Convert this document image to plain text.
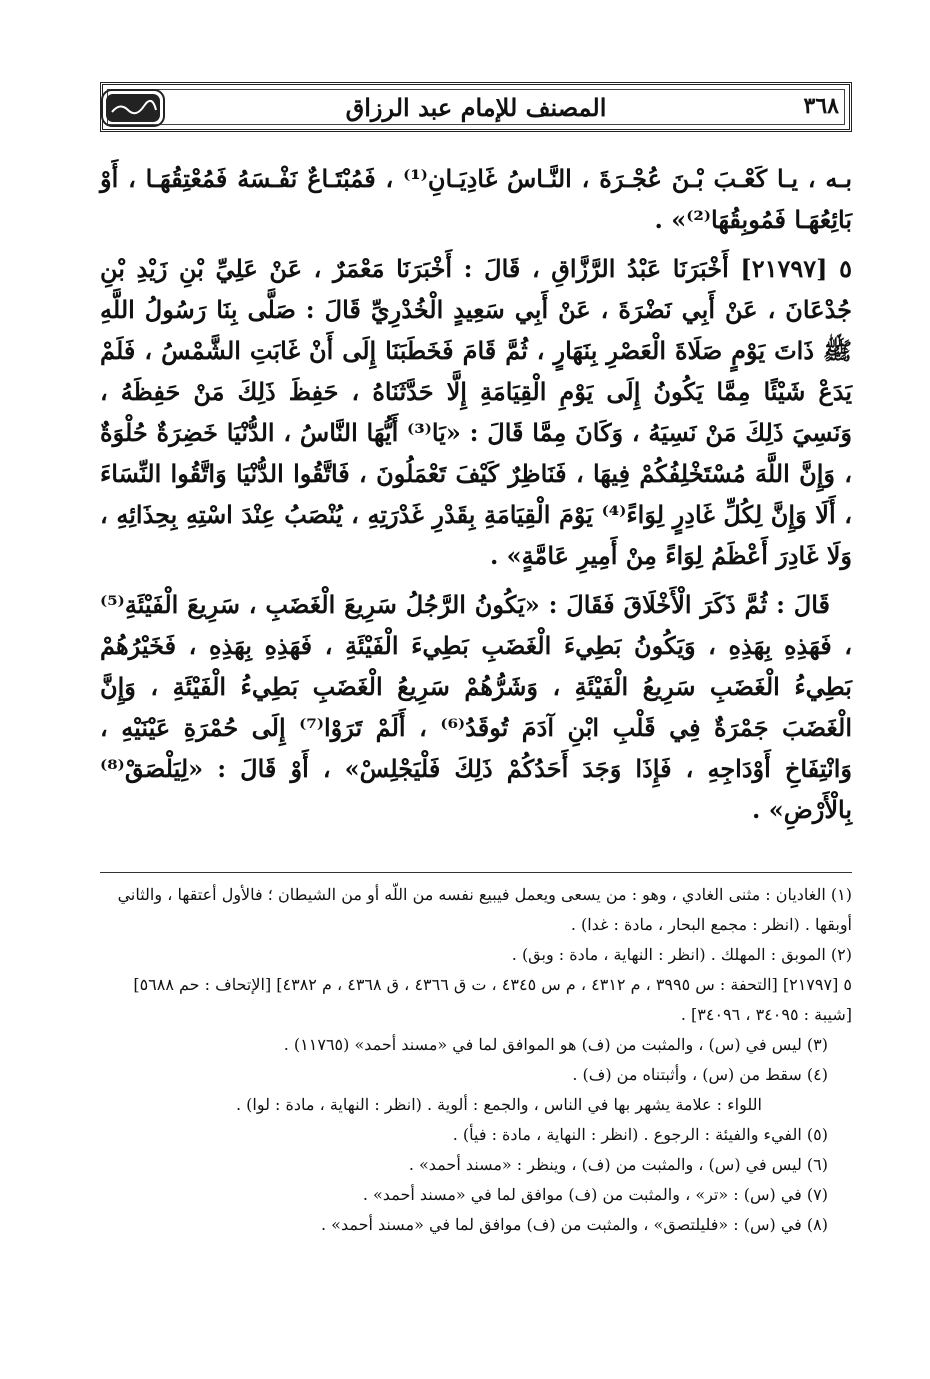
٣٦٨
المصنف للإمام عبد الرزاق

بـه ، يـا كَعْـبَ بْـنَ عُجْـرَةَ ، النَّـاسُ غَادِيَـانِ⁽¹⁾ ، فَمُبْتَـاعٌ نَفْـسَهُ فَمُعْتِقُهَـا ، أَوْ بَائِعُهَـا فَمُوبِقُهَا⁽²⁾» .

٥ [٢١٧٩٧] أَخْبَرَنَا عَبْدُ الرَّزَّاقِ ، قَالَ : أَخْبَرَنَا مَعْمَرٌ ، عَنْ عَلِيِّ بْنِ زَيْدِ بْنِ جُدْعَانَ ، عَنْ أَبِي نَضْرَةَ ، عَنْ أَبِي سَعِيدٍ الْخُدْرِيِّ قَالَ : صَلَّى بِنَا رَسُولُ اللَّهِ ﷺ ذَاتَ يَوْمٍ صَلَاةَ الْعَصْرِ بِنَهَارٍ ، ثُمَّ قَامَ فَخَطَبَنَا إِلَى أَنْ غَابَتِ الشَّمْسُ ، فَلَمْ يَدَعْ شَيْئًا مِمَّا يَكُونُ إِلَى يَوْمِ الْقِيَامَةِ إِلَّا حَدَّثَنَاهُ ، حَفِظَ ذَلِكَ مَنْ حَفِظَهُ ، وَنَسِيَ ذَلِكَ مَنْ نَسِيَهُ ، وَكَانَ مِمَّا قَالَ : «يَا⁽³⁾ أَيُّهَا النَّاسُ ، الدُّنْيَا خَضِرَةٌ حُلْوَةٌ ، وَإِنَّ اللَّهَ مُسْتَخْلِفُكُمْ فِيهَا ، فَنَاظِرٌ كَيْفَ تَعْمَلُونَ ، فَاتَّقُوا الدُّنْيَا وَاتَّقُوا النِّسَاءَ ، أَلَا وَإِنَّ لِكُلِّ غَادِرٍ لِوَاءً⁽⁴⁾ يَوْمَ الْقِيَامَةِ بِقَدْرِ غَدْرَتِهِ ، يُنْصَبُ عِنْدَ اسْتِهِ بِحِذَائِهِ ، وَلَا غَادِرَ أَعْظَمُ لِوَاءً مِنْ أَمِيرِ عَامَّةٍ» .

قَالَ : ثُمَّ ذَكَرَ الْأَخْلَاقَ فَقَالَ : «يَكُونُ الرَّجُلُ سَرِيعَ الْغَضَبِ ، سَرِيعَ الْفَيْئَةِ⁽⁵⁾ ، فَهَذِهِ بِهَذِهِ ، وَيَكُونُ بَطِيءَ الْغَضَبِ بَطِيءَ الْفَيْئَةِ ، فَهَذِهِ بِهَذِهِ ، فَخَيْرُهُمْ بَطِيءُ الْغَضَبِ سَرِيعُ الْفَيْئَةِ ، وَشَرُّهُمْ سَرِيعُ الْغَضَبِ بَطِيءُ الْفَيْئَةِ ، وَإِنَّ الْغَضَبَ جَمْرَةٌ فِي قَلْبِ ابْنِ آدَمَ تُوقَدُ⁽⁶⁾ ، أَلَمْ تَرَوْا⁽⁷⁾ إِلَى حُمْرَةِ عَيْنَيْهِ ، وَانْتِفَاخِ أَوْدَاجِهِ ، فَإِذَا وَجَدَ أَحَدُكُمْ ذَلِكَ فَلْيَجْلِسْ» ، أَوْ قَالَ : «لِيَلْصَقْ⁽⁸⁾ بِالْأَرْضِ» .

(١) الغاديان : مثنى الغادي ، وهو : من يسعى ويعمل فيبيع نفسه من اللّه أو من الشيطان ؛ فالأول أعتقها ، والثاني أوبقها . (انظر : مجمع البحار ، مادة : غدا) .
(٢) الموبق : المهلك . (انظر : النهاية ، مادة : وبق) .
٥ [٢١٧٩٧] [التحفة : س ٣٩٩٥ ، م ٤٣١٢ ، م س ٤٣٤٥ ، ت ق ٤٣٦٦ ، ق ٤٣٦٨ ، م ٤٣٨٢] [الإتحاف : حم ٥٦٨٨] [شيبة : ٣٤٠٩٥ ، ٣٤٠٩٦] .
(٣) ليس في (س) ، والمثبت من (ف) هو الموافق لما في «مسند أحمد» (١١٧٦٥) .
(٤) سقط من (س) ، وأثبتناه من (ف) .
اللواء : علامة يشهر بها في الناس ، والجمع : ألوية . (انظر : النهاية ، مادة : لوا) .
(٥) الفيء والفيئة : الرجوع . (انظر : النهاية ، مادة : فيأ) .
(٦) ليس في (س) ، والمثبت من (ف) ، وينظر : «مسند أحمد» .
(٧) في (س) : «تر» ، والمثبت من (ف) موافق لما في «مسند أحمد» .
(٨) في (س) : «فليلتصق» ، والمثبت من (ف) موافق لما في «مسند أحمد» .
